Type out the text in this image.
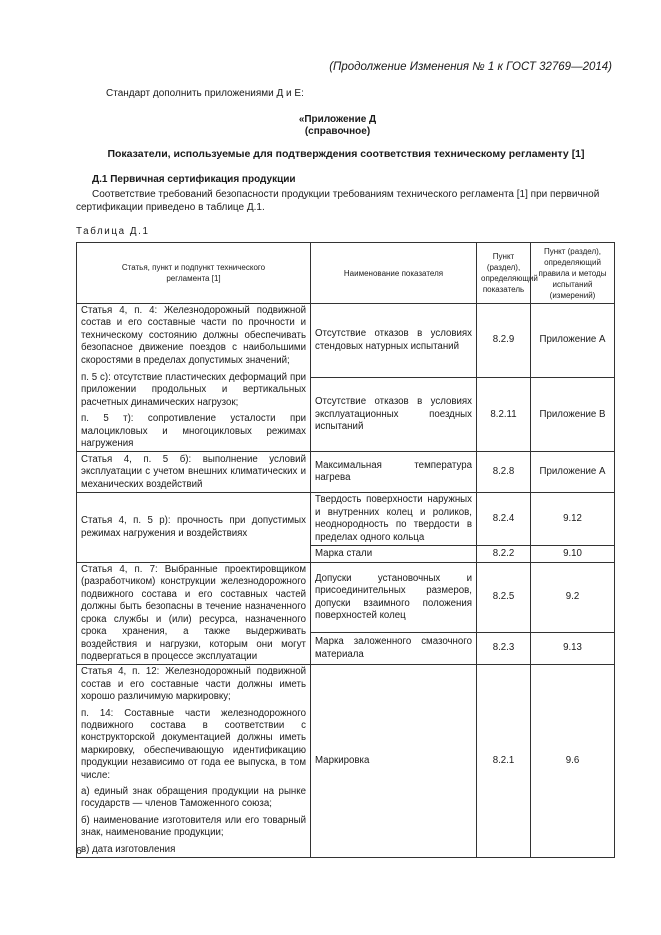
(Продолжение Изменения № 1 к ГОСТ 32769—2014)
Стандарт дополнить приложениями Д и Е:
«Приложение Д
(справочное)
Показатели, используемые для подтверждения соответствия техническому регламенту [1]
Д.1 Первичная сертификация продукции
Соответствие требований безопасности продукции требованиям технического регламента [1] при первичной
сертификации приведено в таблице Д.1.
Таблица Д.1
Статья, пункт и подпункт технического регламента [1]	Наименование показателя	Пункт (раздел), определяющий показатель	Пункт (раздел), определяющий правила и методы испытаний (измерений)

Статья 4, п. 4: Железнодорожный подвижной состав и его составные части по прочности и техническому состоянию должны обеспечивать безопасное движение поездов с наибольшими скоростями в пределах допустимых значений;
п. 5 с): отсутствие пластических деформаций при приложении продольных и вертикальных расчетных динамических нагрузок;
п. 5 т): сопротивление усталости при малоцикловых и многоцикловых режимах нагружения	Отсутствие отказов в условиях стендовых натурных испытаний	8.2.9	Приложение А
	Отсутствие отказов в условиях эксплуатационных поездных испытаний	8.2.11	Приложение В
Статья 4, п. 5 б): выполнение условий эксплуатации с учетом внешних климатических и механических воздействий	Максимальная температура нагрева	8.2.8	Приложение А
Статья 4, п. 5 р): прочность при допустимых режимах нагружения и воздействиях	Твердость поверхности наружных и внутренних колец и роликов, неоднородность по твердости в пределах одного кольца	8.2.4	9.12
	Марка стали	8.2.2	9.10
Статья 4, п. 7: Выбранные проектировщиком (разработчиком) конструкции железнодорожного подвижного состава и его составных частей должны быть безопасны в течение назначенного срока службы и (или) ресурса, назначенного срока хранения, а также выдерживать воздействия и нагрузки, которым они могут подвергаться в процессе эксплуатации	Допуски установочных и присоединительных размеров, допуски взаимного положения поверхностей колец	8.2.5	9.2
	Марка заложенного смазочного материала	8.2.3	9.13

Статья 4, п. 12: Железнодорожный подвижной состав и его составные части должны иметь хорошо различимую маркировку;
п. 14: Составные части железнодорожного подвижного состава в соответствии с конструкторской документацией должны иметь маркировку, обеспечивающую идентификацию продукции независимо от года ее выпуска, в том числе:
а) единый знак обращения продукции на рынке государств — членов Таможенного союза;
б) наименование изготовителя или его товарный знак, наименование продукции;
в) дата изготовления	Маркировка	8.2.1	9.6
6
